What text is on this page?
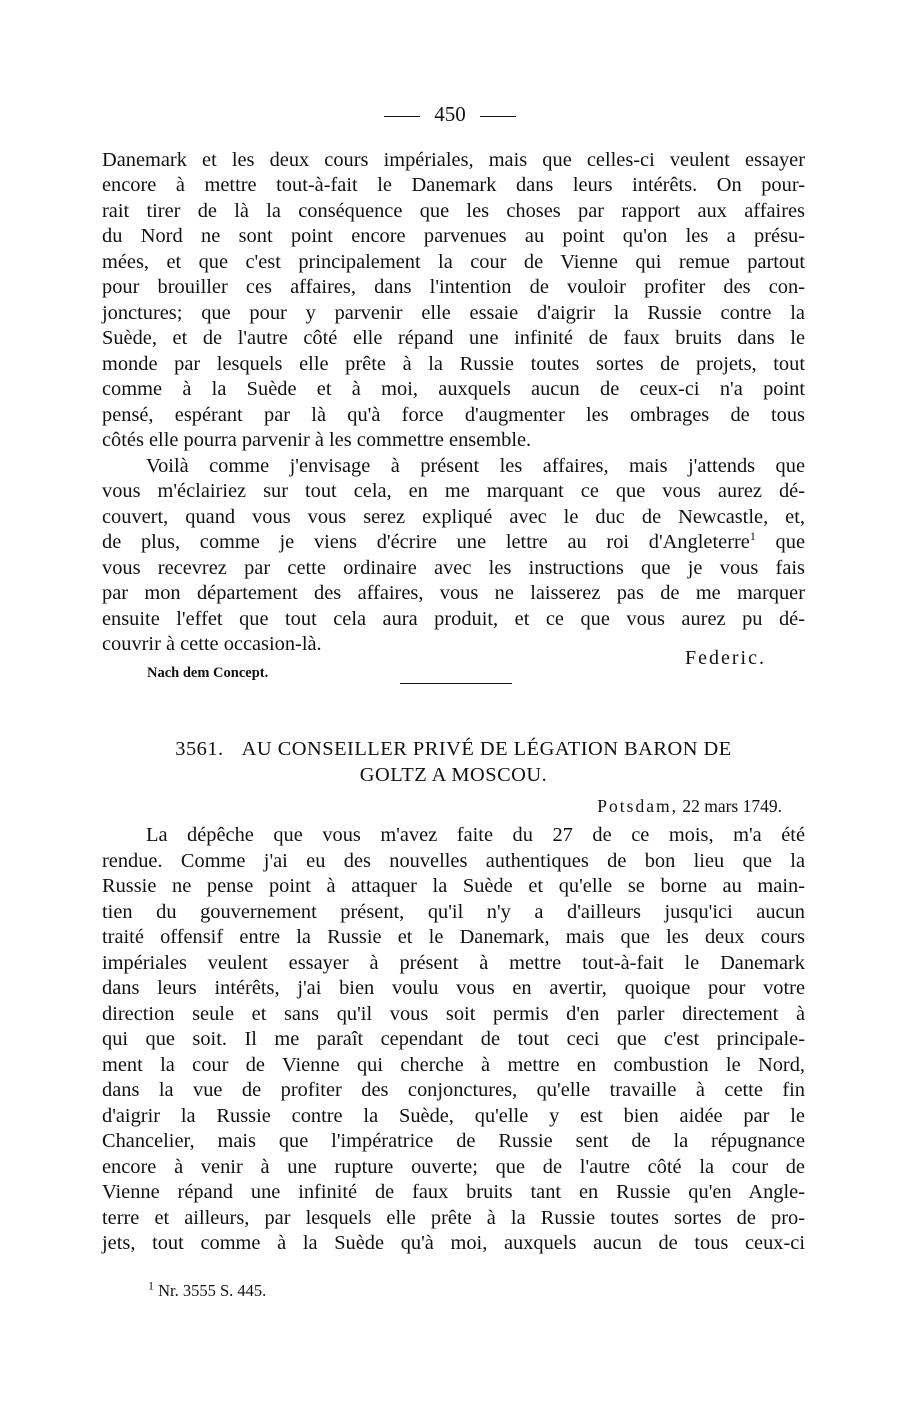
450
Danemark et les deux cours impériales, mais que celles-ci veulent essayer
encore à mettre tout-à-fait le Danemark dans leurs intérêts. On pour-
rait tirer de là la conséquence que les choses par rapport aux affaires
du Nord ne sont point encore parvenues au point qu'on les a présu-
mées, et que c'est principalement la cour de Vienne qui remue partout
pour brouiller ces affaires, dans l'intention de vouloir profiter des con-
jonctures; que pour y parvenir elle essaie d'aigrir la Russie contre la
Suède, et de l'autre côté elle répand une infinité de faux bruits dans le
monde par lesquels elle prête à la Russie toutes sortes de projets, tout
comme à la Suède et à moi, auxquels aucun de ceux-ci n'a point
pensé, espérant par là qu'à force d'augmenter les ombrages de tous
côtés elle pourra parvenir à les commettre ensemble.
Voilà comme j'envisage à présent les affaires, mais j'attends que
vous m'éclairiez sur tout cela, en me marquant ce que vous aurez dé-
couvert, quand vous vous serez expliqué avec le duc de Newcastle, et,
de plus, comme je viens d'écrire une lettre au roi d'Angleterre$^1$ que
vous recevrez par cette ordinaire avec les instructions que je vous fais
par mon département des affaires, vous ne laisserez pas de me marquer
ensuite l'effet que tout cela aura produit, et ce que vous aurez pu dé-
couvrir à cette occasion-là.
Federic.
Nach dem Concept.
3561. AU CONSEILLER PRIVÉ DE LÉGATION BARON DE
GOLTZ A MOSCOU.
Potsdam, 22 mars 1749.
La dépêche que vous m'avez faite du 27 de ce mois, m'a été
rendue. Comme j'ai eu des nouvelles authentiques de bon lieu que la
Russie ne pense point à attaquer la Suède et qu'elle se borne au main-
tien du gouvernement présent, qu'il n'y a d'ailleurs jusqu'ici aucun
traité offensif entre la Russie et le Danemark, mais que les deux cours
impériales veulent essayer à présent à mettre tout-à-fait le Danemark
dans leurs intérêts, j'ai bien voulu vous en avertir, quoique pour votre
direction seule et sans qu'il vous soit permis d'en parler directement à
qui que soit. Il me paraît cependant de tout ceci que c'est principale-
ment la cour de Vienne qui cherche à mettre en combustion le Nord,
dans la vue de profiter des conjonctures, qu'elle travaille à cette fin
d'aigrir la Russie contre la Suède, qu'elle y est bien aidée par le
Chancelier, mais que l'impératrice de Russie sent de la répugnance
encore à venir à une rupture ouverte; que de l'autre côté la cour de
Vienne répand une infinité de faux bruits tant en Russie qu'en Angle-
terre et ailleurs, par lesquels elle prête à la Russie toutes sortes de pro-
jets, tout comme à la Suède qu'à moi, auxquels aucun de tous ceux-ci
$^1$ Nr. 3555 S. 445.
